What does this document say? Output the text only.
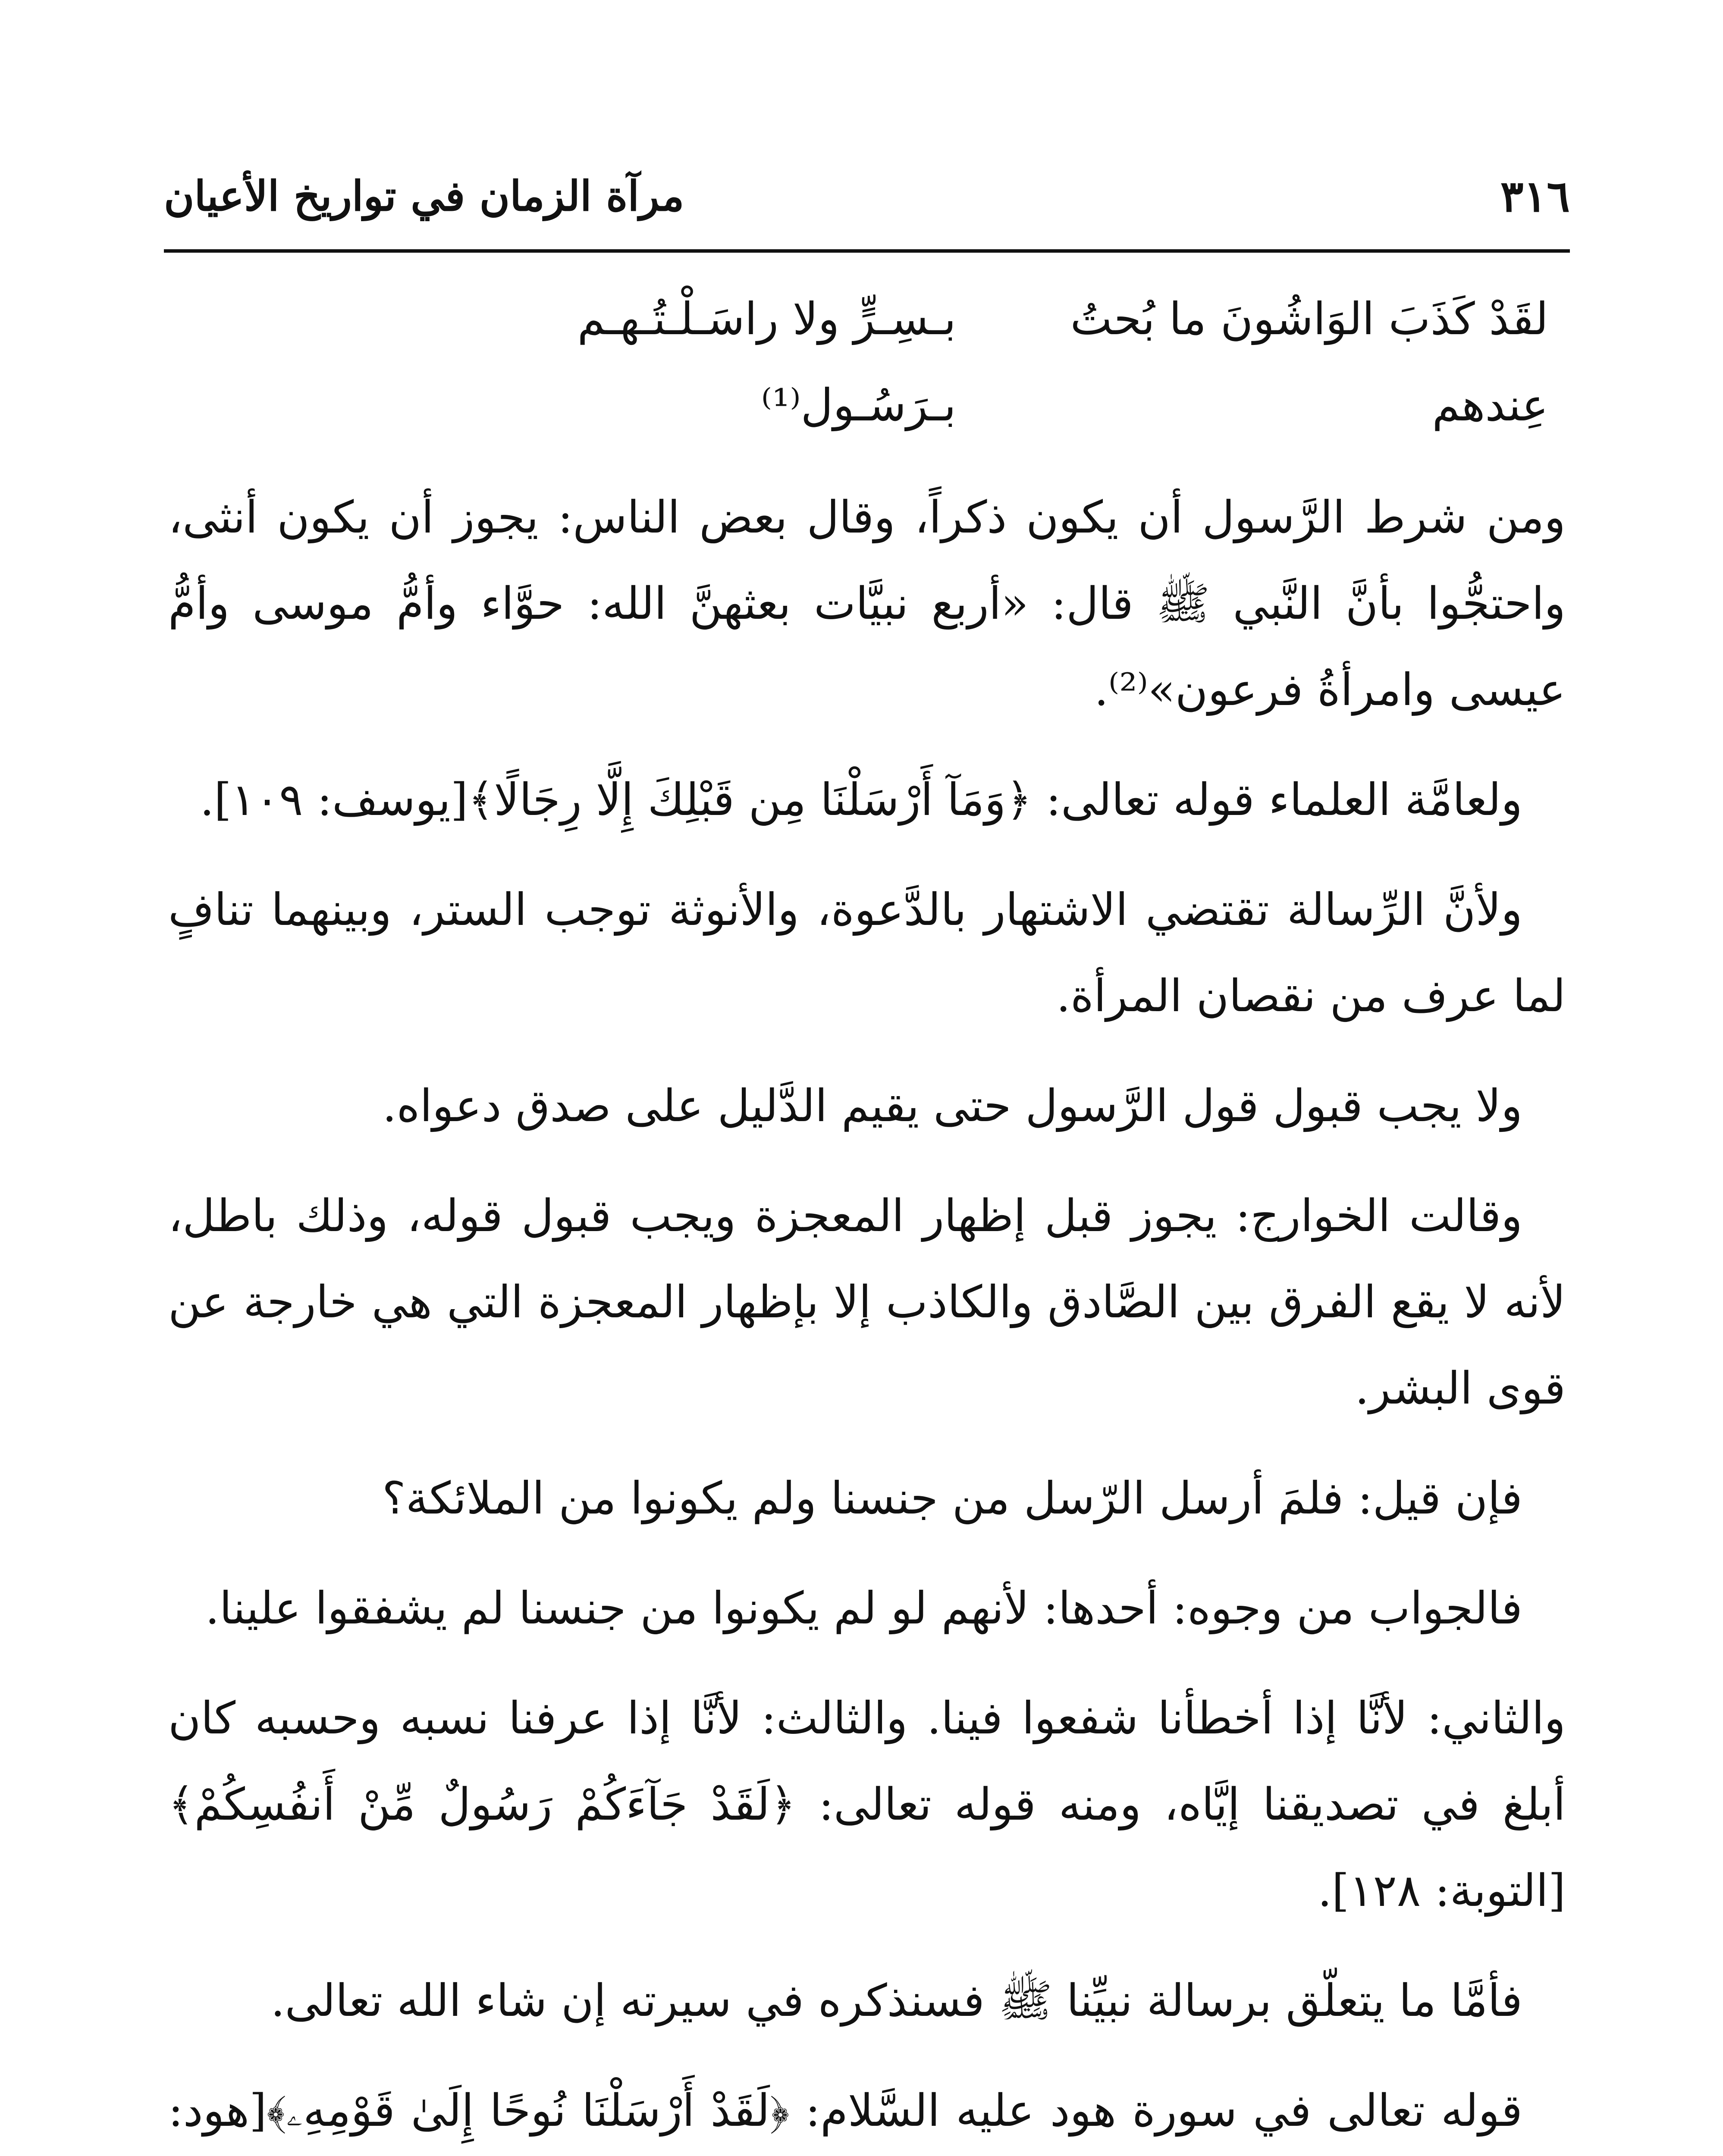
٣١٦
مرآة الزمان في تواريخ الأعيان
لقَدْ كَذَبَ الوَاشُونَ ما بُحتُ عِندهم
بـسِـرٍّ ولا راسَـلْـتُـهـم بـرَسُـول⁽¹⁾

ومن شرط الرَّسول أن يكون ذكراً، وقال بعض الناس: يجوز أن يكون أنثى، واحتجُّوا بأنَّ النَّبي ﷺ قال: «أربع نبيَّات بعثهنَّ الله: حوَّاء وأمُّ موسى وأمُّ عيسى وامرأةُ فرعون»⁽²⁾.

ولعامَّة العلماء قوله تعالى: ﴿وَمَآ أَرْسَلْنَا مِن قَبْلِكَ إِلَّا رِجَالًا﴾[يوسف: ١٠٩].

ولأنَّ الرِّسالة تقتضي الاشتهار بالدَّعوة، والأنوثة توجب الستر، وبينهما تنافٍ لما عرف من نقصان المرأة.

ولا يجب قبول قول الرَّسول حتى يقيم الدَّليل على صدق دعواه.

وقالت الخوارج: يجوز قبل إظهار المعجزة ويجب قبول قوله، وذلك باطل، لأنه لا يقع الفرق بين الصَّادق والكاذب إلا بإظهار المعجزة التي هي خارجة عن قوى البشر.

فإن قيل: فلمَ أرسل الرّسل من جنسنا ولم يكونوا من الملائكة؟

فالجواب من وجوه: أحدها: لأنهم لو لم يكونوا من جنسنا لم يشفقوا علينا.

والثاني: لأنَّا إذا أخطأنا شفعوا فينا. والثالث: لأنَّا إذا عرفنا نسبه وحسبه كان أبلغ في تصديقنا إيَّاه، ومنه قوله تعالى: ﴿لَقَدْ جَآءَكُمْ رَسُولٌ مِّنْ أَنفُسِكُمْ﴾[التوبة: ١٢٨].

فأمَّا ما يتعلّق برسالة نبيِّنا ﷺ فسنذكره في سيرته إن شاء الله تعالى.

قوله تعالى في سورة هود عليه السَّلام: ﴿لَقَدْ أَرْسَلْنَا نُوحًا إِلَىٰ قَوْمِهِۦ﴾[هود:
